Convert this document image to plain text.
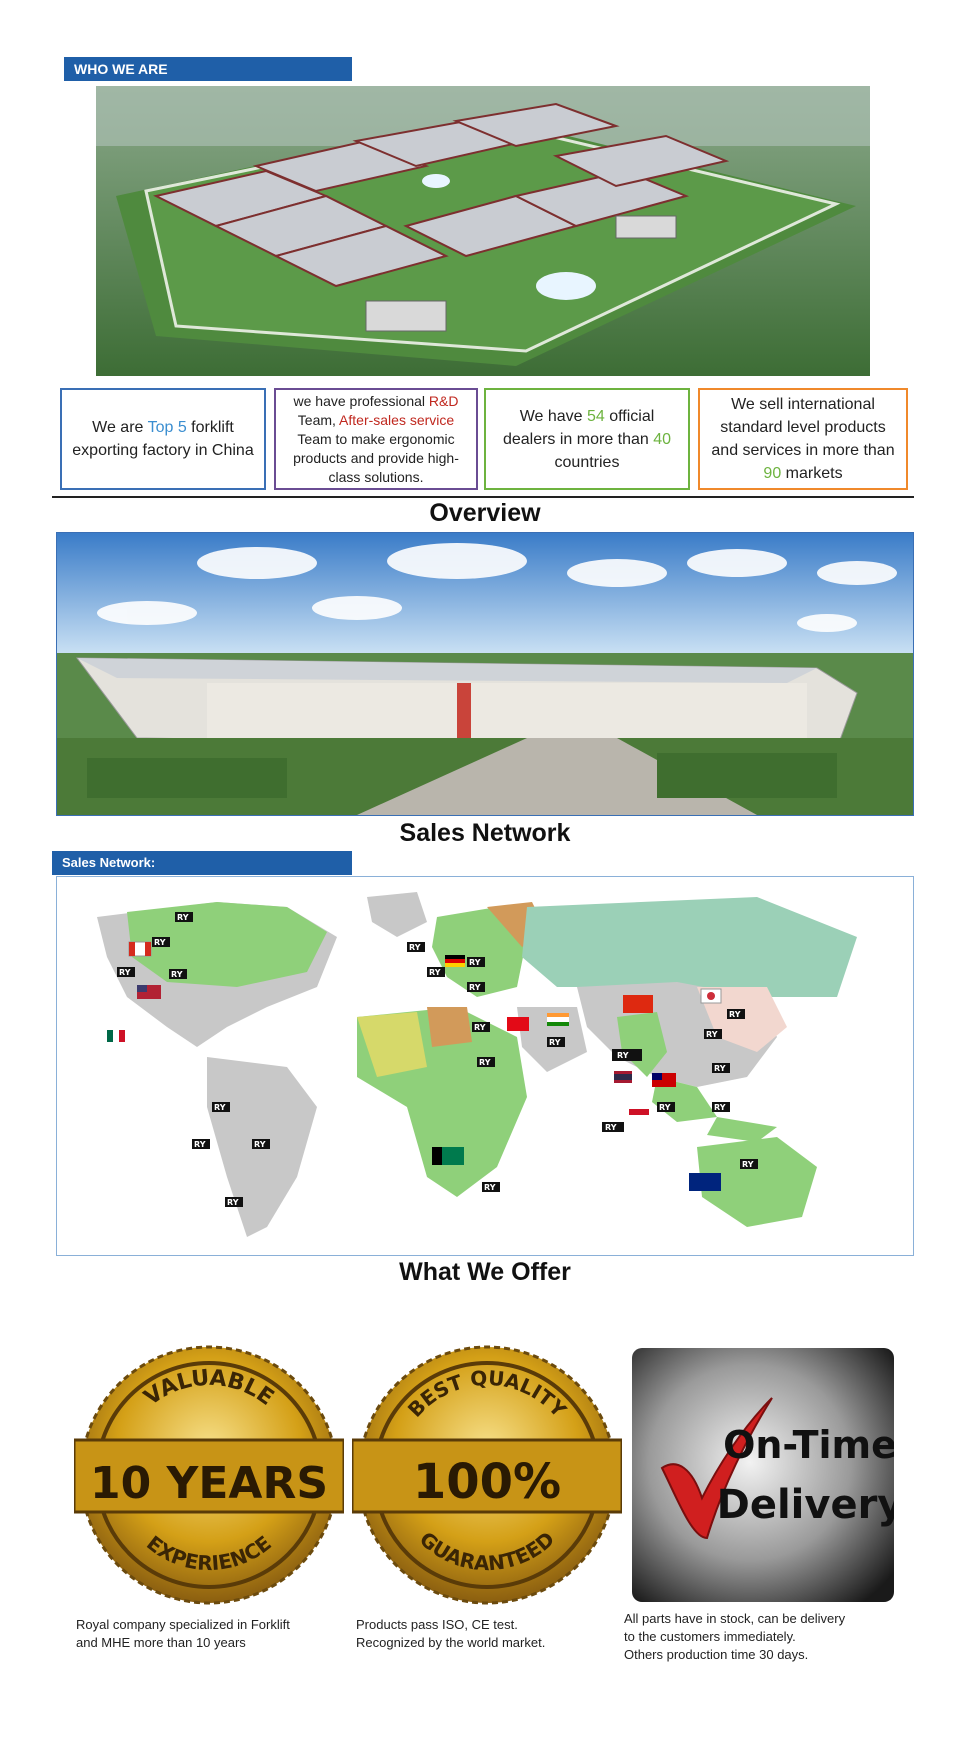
WHO WE ARE
We are Top 5 forklift exporting factory in China
we have professional R&D Team, After-sales service Team to make ergonomic products and provide high-class solutions.
We have 54 official dealers in more than 40 countries
We sell international standard level products and services in more than 90 markets
Overview
Sales Network
Sales Network:
RY
RY
RY	RY
RY
RY	RY
RY
RY
RY
RY
RY
RY
RY
RY
RY
RY
RY
RY
RY
RY
RY
RY
RY
What We Offer
VALUABLE
10 YEARS
EXPERIENCE
BEST QUALITY
100%
GUARANTEED
On-Time
Delivery
Royal company specialized in Forklift
and MHE more than 10 years
Products pass ISO, CE test.
Recognized by the world market.
All parts have in stock, can be delivery
to the customers immediately.
Others production time 30 days.
